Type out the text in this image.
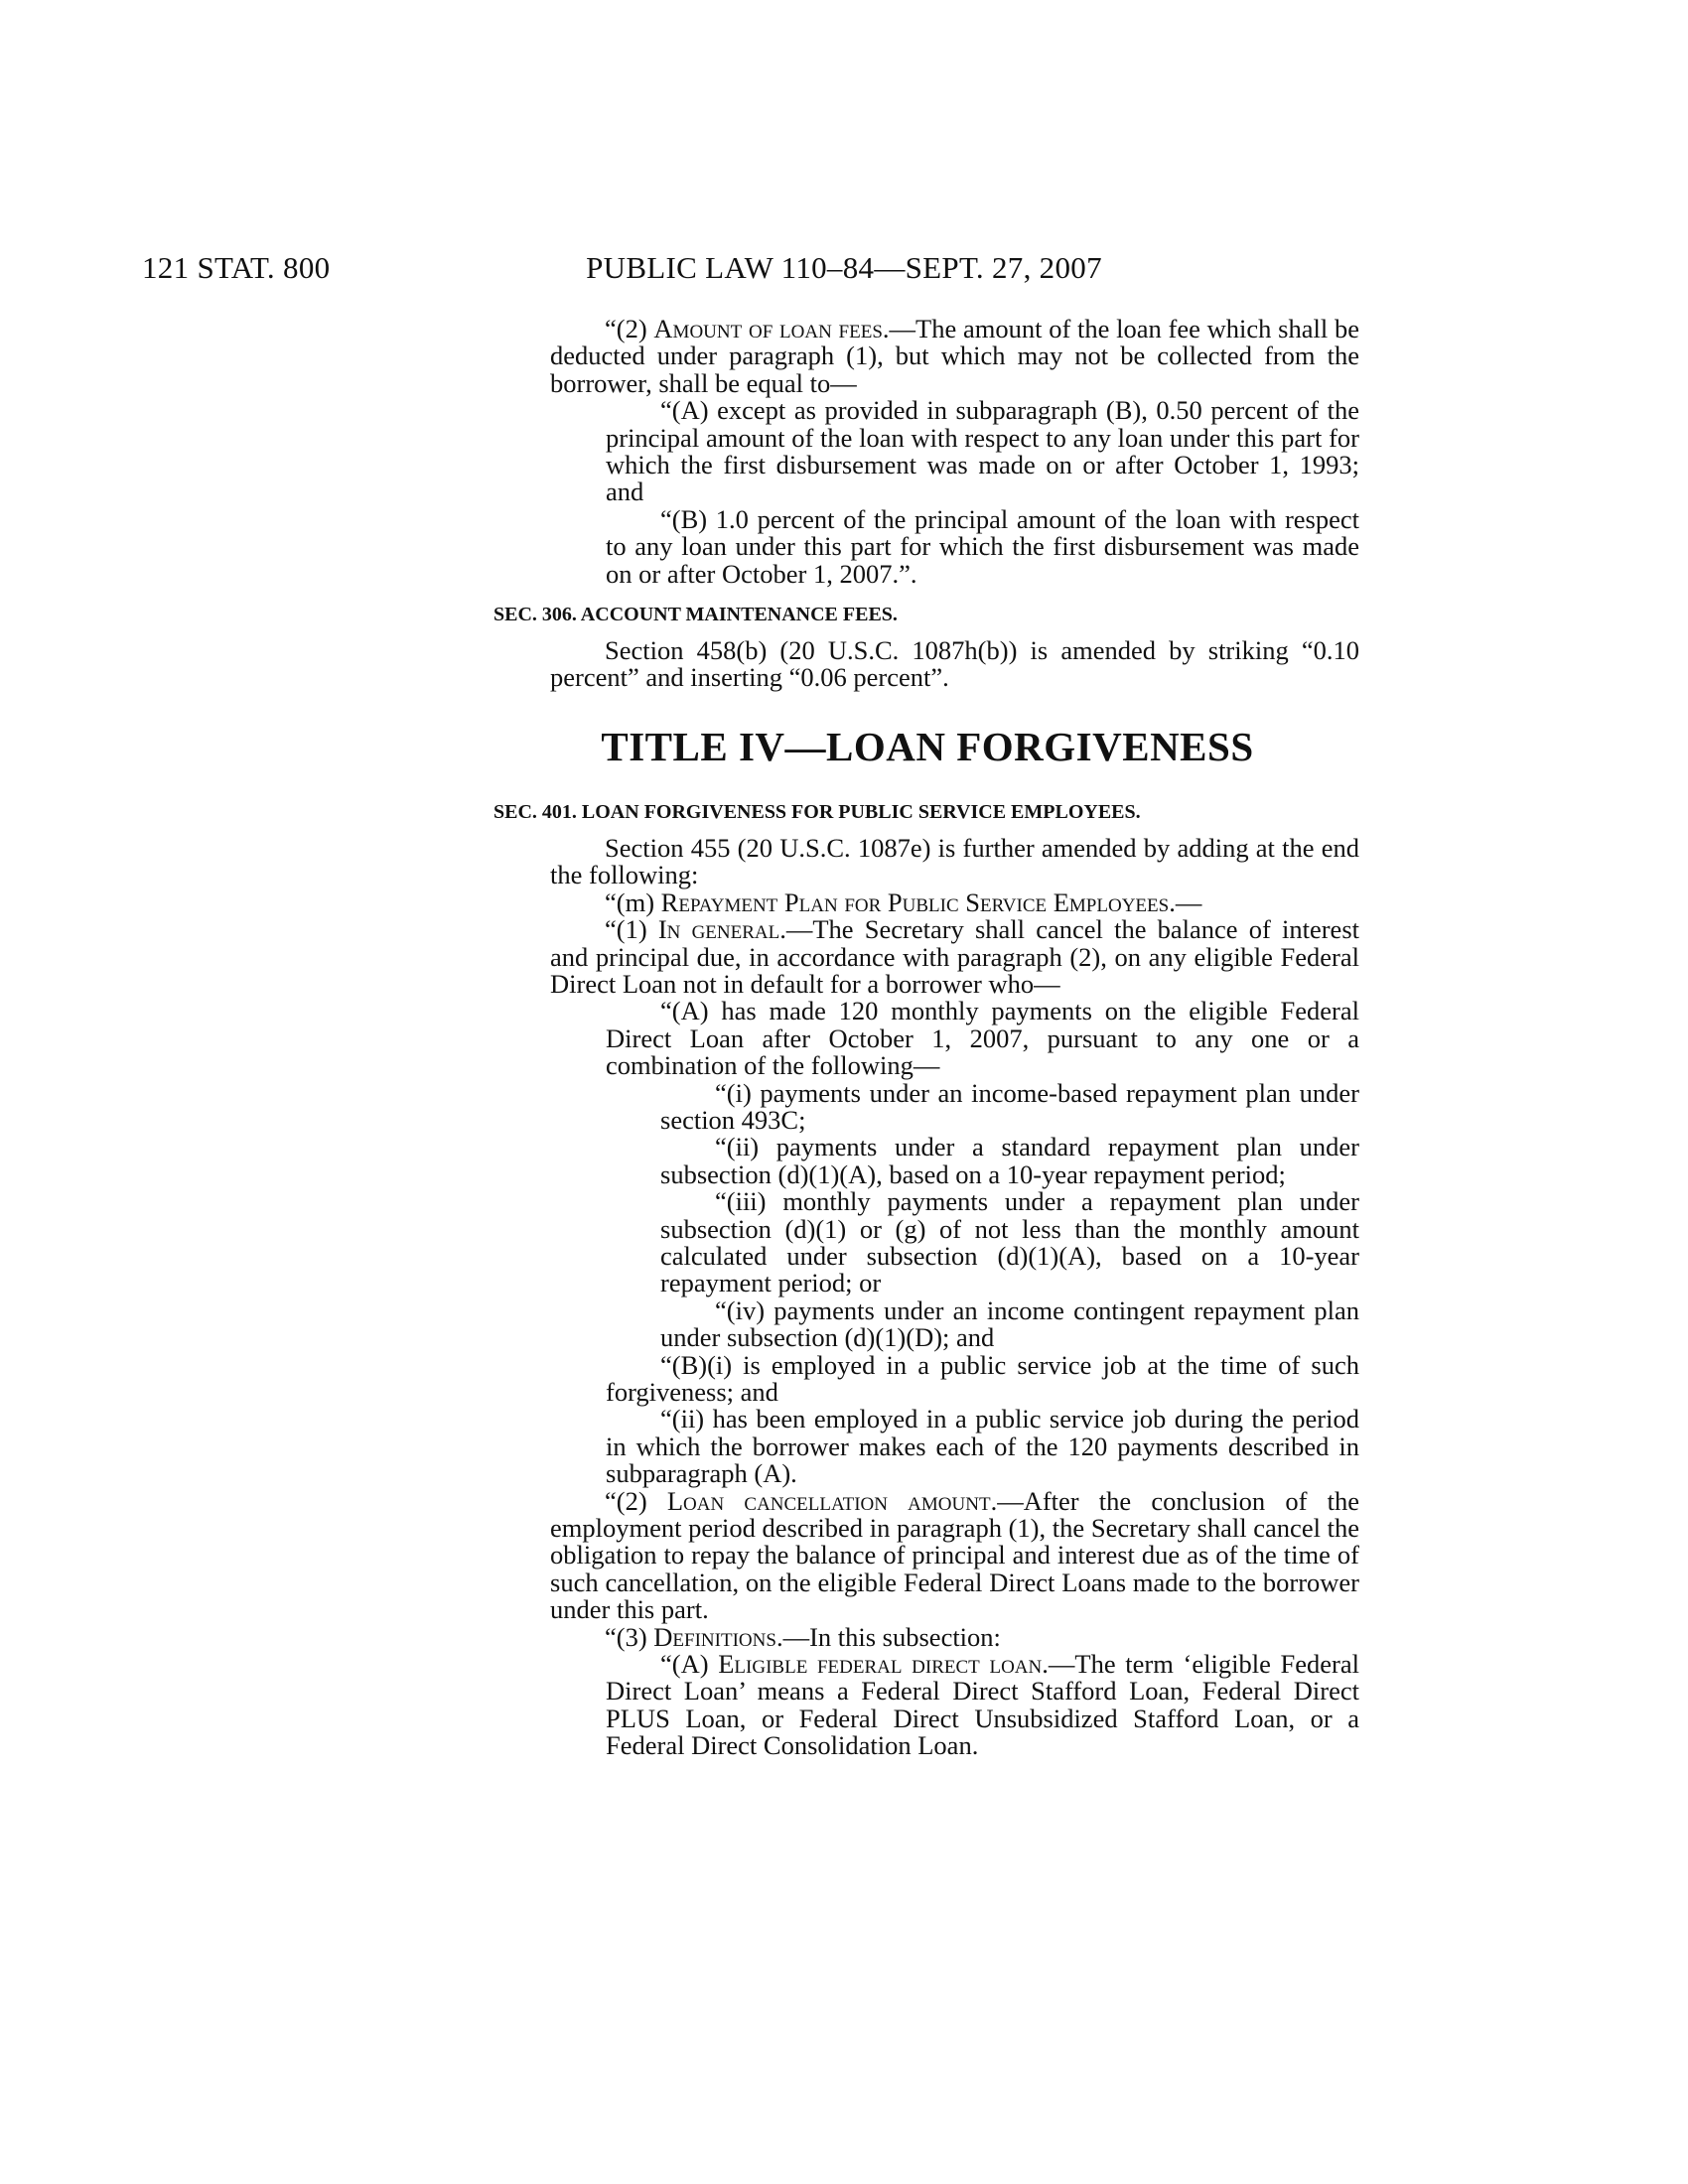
121 STAT. 800	PUBLIC LAW 110–84—SEPT. 27, 2007

“(2) Amount of loan fees.—The amount of the loan fee which shall be deducted under paragraph (1), but which may not be collected from the borrower, shall be equal to—

“(A) except as provided in subparagraph (B), 0.50 percent of the principal amount of the loan with respect to any loan under this part for which the first disbursement was made on or after October 1, 1993; and

“(B) 1.0 percent of the principal amount of the loan with respect to any loan under this part for which the first disbursement was made on or after October 1, 2007.”.

SEC. 306. ACCOUNT MAINTENANCE FEES.

Section 458(b) (20 U.S.C. 1087h(b)) is amended by striking “0.10 percent” and inserting “0.06 percent”.

TITLE IV—LOAN FORGIVENESS

SEC. 401. LOAN FORGIVENESS FOR PUBLIC SERVICE EMPLOYEES.

Section 455 (20 U.S.C. 1087e) is further amended by adding at the end the following:

“(m) Repayment Plan for Public Service Employees.—

“(1) In general.—The Secretary shall cancel the balance of interest and principal due, in accordance with paragraph (2), on any eligible Federal Direct Loan not in default for a borrower who—

“(A) has made 120 monthly payments on the eligible Federal Direct Loan after October 1, 2007, pursuant to any one or a combination of the following—

“(i) payments under an income-based repayment plan under section 493C;

“(ii) payments under a standard repayment plan under subsection (d)(1)(A), based on a 10-year repayment period;

“(iii) monthly payments under a repayment plan under subsection (d)(1) or (g) of not less than the monthly amount calculated under subsection (d)(1)(A), based on a 10-year repayment period; or

“(iv) payments under an income contingent repayment plan under subsection (d)(1)(D); and

“(B)(i) is employed in a public service job at the time of such forgiveness; and

“(ii) has been employed in a public service job during the period in which the borrower makes each of the 120 payments described in subparagraph (A).

“(2) Loan cancellation amount.—After the conclusion of the employment period described in paragraph (1), the Secretary shall cancel the obligation to repay the balance of principal and interest due as of the time of such cancellation, on the eligible Federal Direct Loans made to the borrower under this part.

“(3) Definitions.—In this subsection:

“(A) Eligible federal direct loan.—The term ‘eligible Federal Direct Loan’ means a Federal Direct Stafford Loan, Federal Direct PLUS Loan, or Federal Direct Unsubsidized Stafford Loan, or a Federal Direct Consolidation Loan.
